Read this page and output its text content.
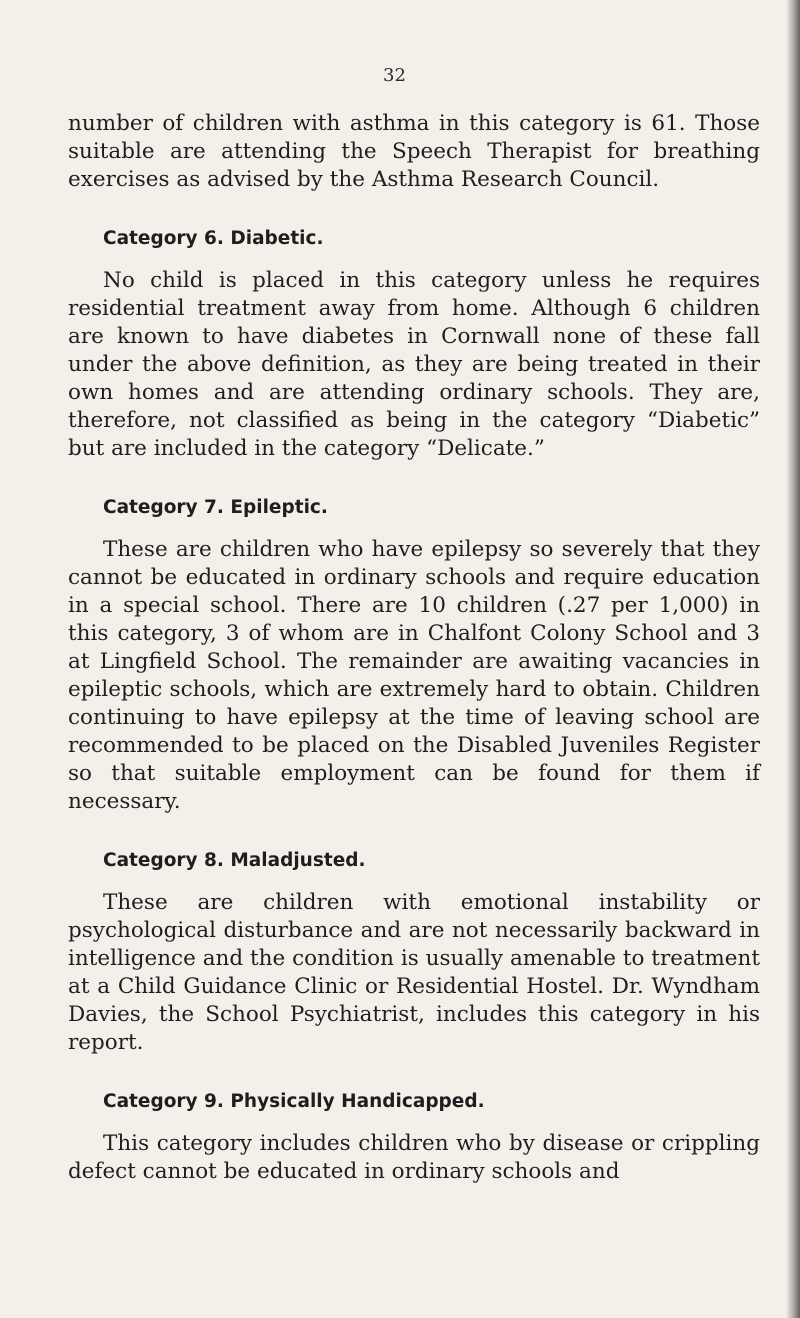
32

number of children with asthma in this category is 61. Those suitable are attending the Speech Therapist for breathing exercises as advised by the Asthma Research Council.

Category 6. Diabetic.

No child is placed in this category unless he requires residential treatment away from home. Although 6 children are known to have diabetes in Cornwall none of these fall under the above definition, as they are being treated in their own homes and are attending ordinary schools. They are, therefore, not classified as being in the category “Diabetic” but are included in the category “Delicate.”

Category 7. Epileptic.

These are children who have epilepsy so severely that they cannot be educated in ordinary schools and require education in a special school. There are 10 children (.27 per 1,000) in this category, 3 of whom are in Chalfont Colony School and 3 at Lingfield School. The remainder are awaiting vacancies in epileptic schools, which are extremely hard to obtain. Children continuing to have epilepsy at the time of leaving school are recommended to be placed on the Disabled Juveniles Register so that suitable employment can be found for them if necessary.

Category 8. Maladjusted.

These are children with emotional instability or psychological disturbance and are not necessarily backward in intelligence and the condition is usually amenable to treatment at a Child Guidance Clinic or Residential Hostel. Dr. Wyndham Davies, the School Psychiatrist, includes this category in his report.

Category 9. Physically Handicapped.

This category includes children who by disease or crippling defect cannot be educated in ordinary schools and
